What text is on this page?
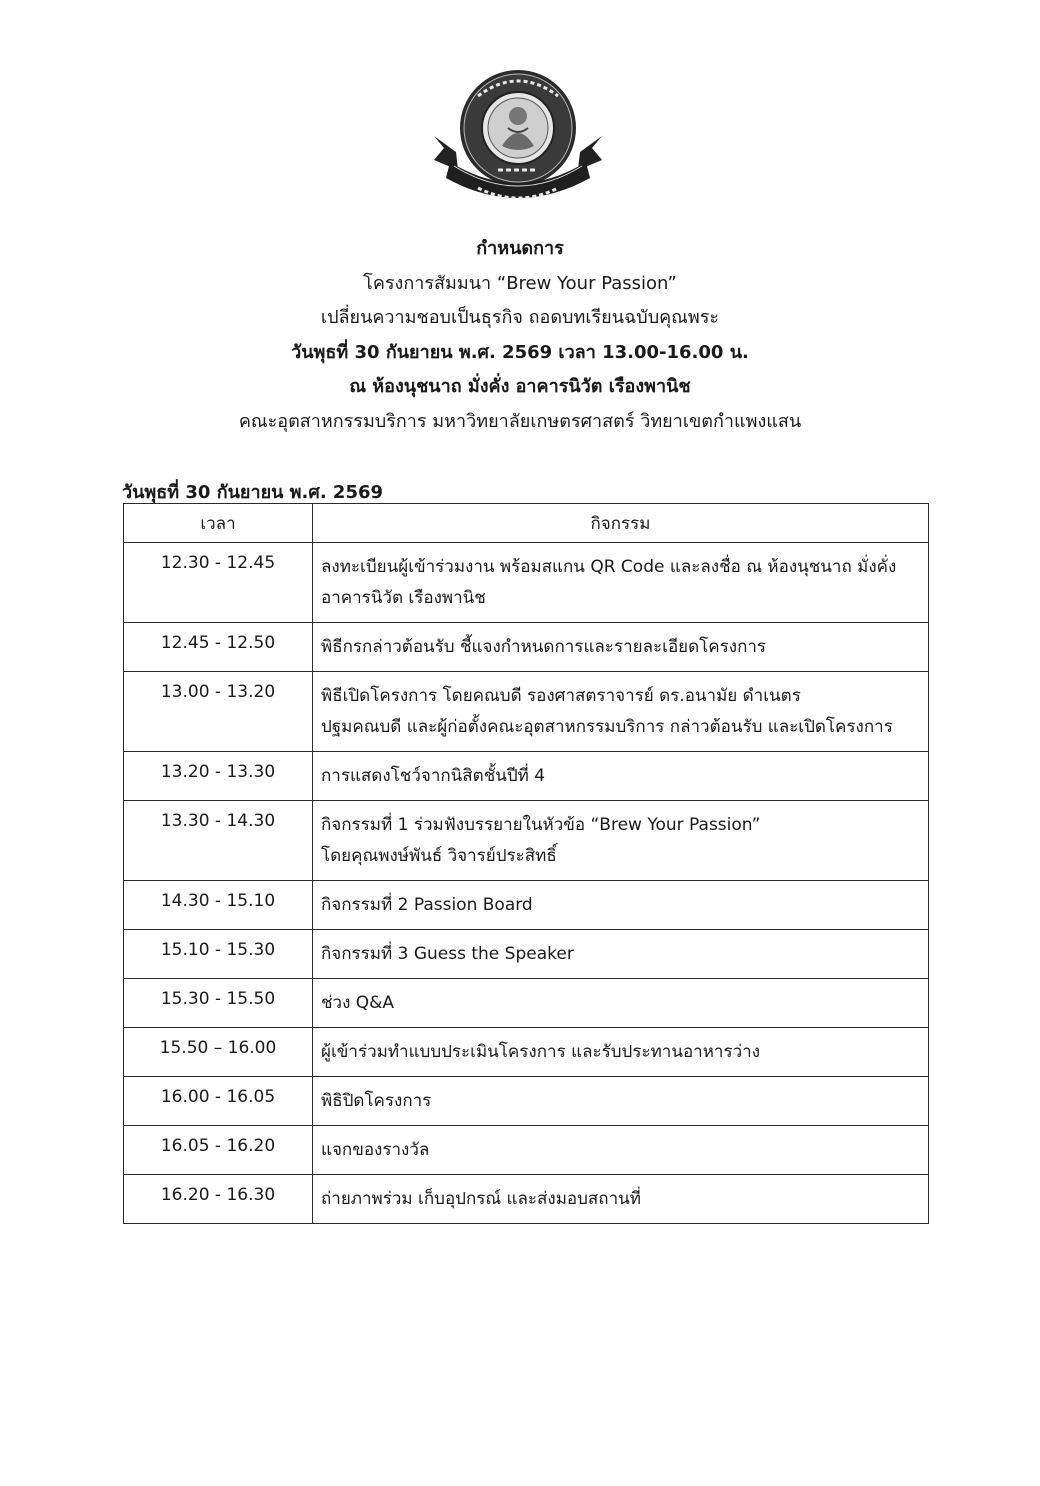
กำหนดการ
โครงการสัมมนา “Brew Your Passion”
เปลี่ยนความชอบเป็นธุรกิจ ถอดบทเรียนฉบับคุณพระ
วันพุธที่ 30 กันยายน พ.ศ. 2569 เวลา 13.00-16.00 น.
ณ ห้องนุชนาถ มั่งคั่ง อาคารนิวัต เรืองพานิช
คณะอุตสาหกรรมบริการ มหาวิทยาลัยเกษตรศาสตร์ วิทยาเขตกำแพงแสน
วันพุธที่ 30 กันยายน พ.ศ. 2569
เวลา	กิจกรรม
12.30 - 12.45	ลงทะเบียนผู้เข้าร่วมงาน พร้อมสแกน QR Code และลงชื่อ ณ ห้องนุชนาถ มั่งคั่ง
อาคารนิวัต เรืองพานิช

12.45 - 12.50	พิธีกรกล่าวต้อนรับ ชี้แจงกำหนดการและรายละเอียดโครงการ

13.00 - 13.20	พิธีเปิดโครงการ โดยคณบดี รองศาสตราจารย์ ดร.อนามัย ดำเนตร
ปฐมคณบดี และผู้ก่อตั้งคณะอุตสาหกรรมบริการ กล่าวต้อนรับ และเปิดโครงการ

13.20 - 13.30	การแสดงโชว์จากนิสิตชั้นปีที่ 4

13.30 - 14.30	กิจกรรมที่ 1 ร่วมฟังบรรยายในหัวข้อ “Brew Your Passion”
โดยคุณพงษ์พันธ์ วิจารย์ประสิทธิ์

14.30 - 15.10	กิจกรรมที่ 2 Passion Board

15.10 - 15.30	กิจกรรมที่ 3 Guess the Speaker

15.30 - 15.50	ช่วง Q&A

15.50 – 16.00	ผู้เข้าร่วมทำแบบประเมินโครงการ และรับประทานอาหารว่าง

16.00 - 16.05	พิธิปิดโครงการ

16.05 - 16.20	แจกของรางวัล

16.20 - 16.30	ถ่ายภาพร่วม เก็บอุปกรณ์ และส่งมอบสถานที่
